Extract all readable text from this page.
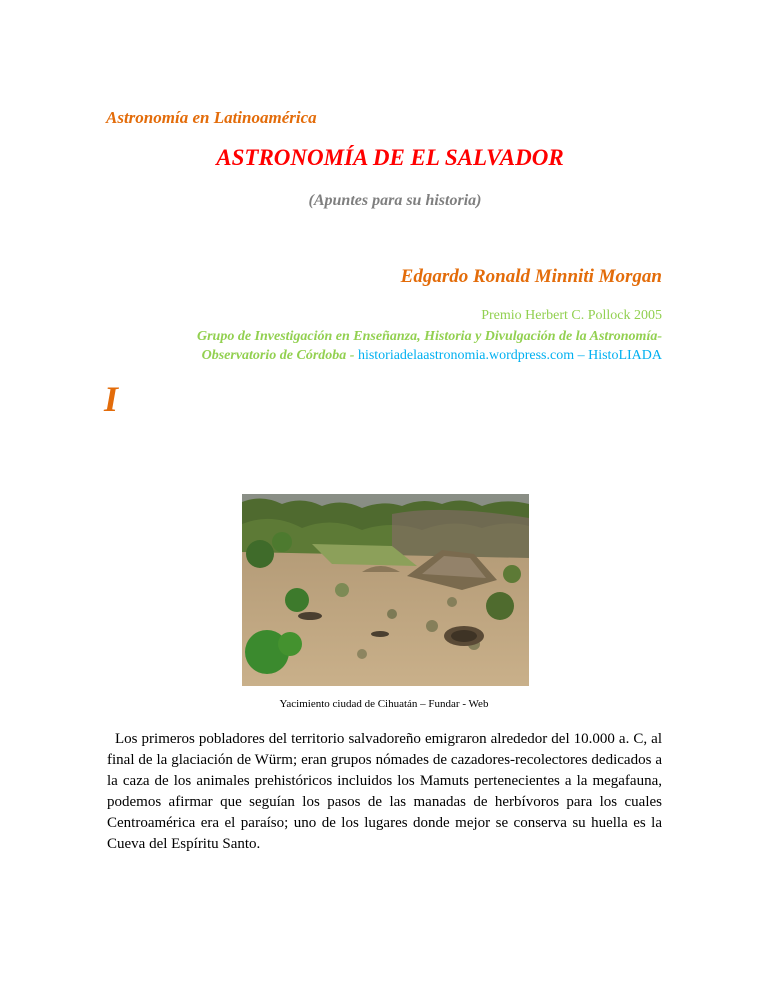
Astronomía en Latinoamérica
ASTRONOMÍA DE EL SALVADOR
(Apuntes para su historia)
Edgardo Ronald Minniti Morgan
Premio Herbert C. Pollock 2005
Grupo de Investigación en Enseñanza, Historia y Divulgación de la Astronomía-
Observatorio de Córdoba - historiadelaastronomia.wordpress.com – HistoLIADA
I
Yacimiento ciudad de Cihuatán – Fundar - Web

Los primeros pobladores del territorio salvadoreño emigraron alrededor del 10.000 a. C, al final de la glaciación de Würm; eran grupos nómades de cazadores-recolectores dedicados a la caza de los animales prehistóricos incluidos los Mamuts pertenecientes a la megafauna, podemos afirmar que seguían los pasos de las manadas de herbívoros para los cuales Centroamérica era el paraíso; uno de los lugares donde mejor se conserva su huella es la Cueva del Espíritu Santo.
